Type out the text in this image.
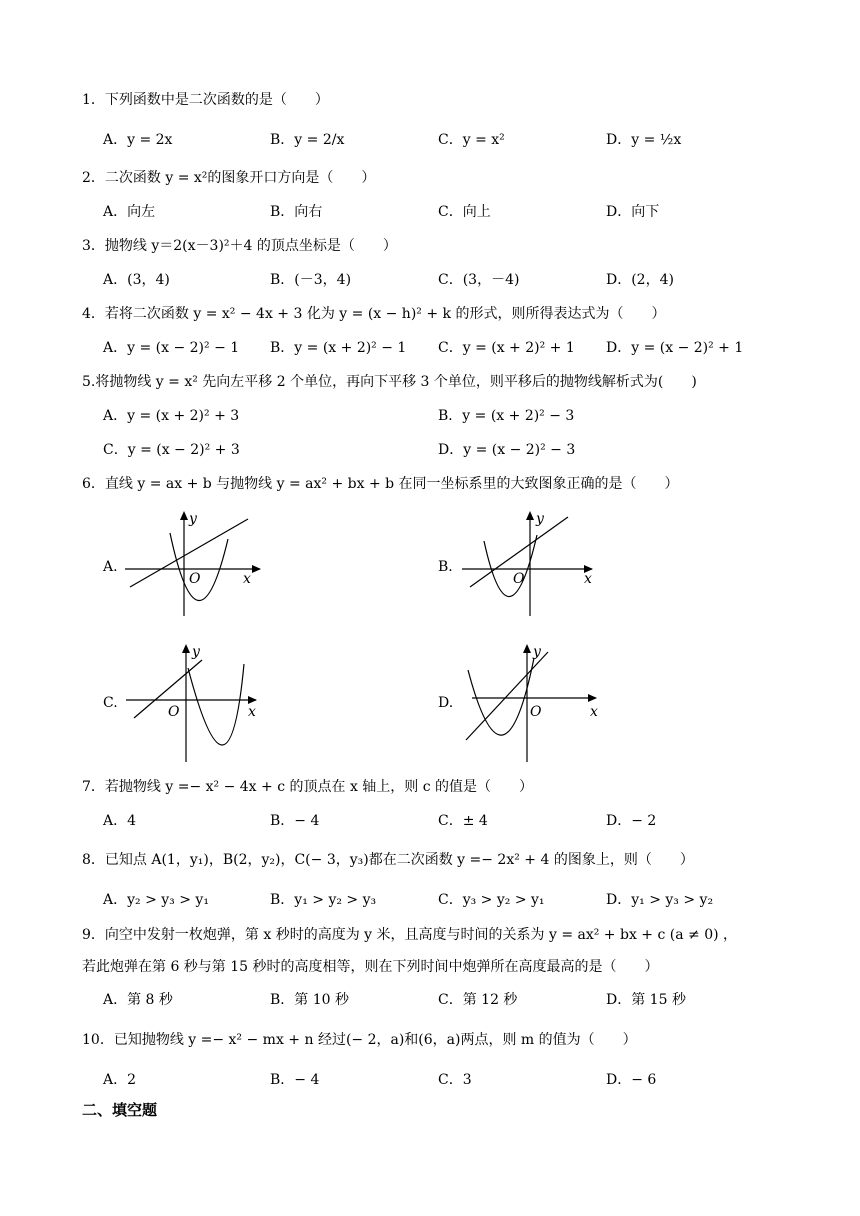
1．下列函数中是二次函数的是（　　）
A．y = 2x	B．y = 2/x	C．y = x²	D．y = ½x
2．二次函数 y = x²的图象开口方向是（　　）
A．向左	B．向右	C．向上	D．向下
3．抛物线 y＝2(x－3)²＋4 的顶点坐标是（　　）
A．(3，4)	B．(－3，4)	C．(3，－4)	D．(2，4)
4．若将二次函数 y = x² − 4x + 3 化为 y = (x − h)² + k 的形式，则所得表达式为（　　）
A．y = (x − 2)² − 1 B．y = (x + 2)² − 1 C．y = (x + 2)² + 1 D．y = (x − 2)² + 1
5.将抛物线 y = x² 先向左平移 2 个单位，再向下平移 3 个单位，则平移后的抛物线解析式为(　　)
A．y = (x + 2)² + 3	B．y = (x + 2)² − 3
C．y = (x − 2)² + 3	D．y = (x − 2)² − 3
6．直线 y = ax + b 与抛物线 y = ax² + bx + b 在同一坐标系里的大致图象正确的是（　　）
A.
y
x
O
B.
y
x
O
C.
y
x
O
D.
y
x
O
7．若抛物线 y =− x² − 4x + c 的顶点在 x 轴上，则 c 的值是（　　）
A．4	B．− 4	C．± 4	D．− 2
8．已知点 A(1，y₁)，B(2，y₂)，C(− 3，y₃)都在二次函数 y =− 2x² + 4 的图象上，则（　　）
A．y₂ > y₃ > y₁	B．y₁ > y₂ > y₃	C．y₃ > y₂ > y₁	D．y₁ > y₃ > y₂
9．向空中发射一枚炮弹，第 x 秒时的高度为 y 米，且高度与时间的关系为 y = ax² + bx + c (a ≠ 0) ，
若此炮弹在第 6 秒与第 15 秒时的高度相等，则在下列时间中炮弹所在高度最高的是（　　）
A．第 8 秒	B．第 10 秒	C．第 12 秒	D．第 15 秒
10．已知抛物线 y =− x² − mx + n 经过(− 2，a)和(6，a)两点，则 m 的值为（　　）
A．2	B．− 4	C．3	D．− 6
二、填空题
